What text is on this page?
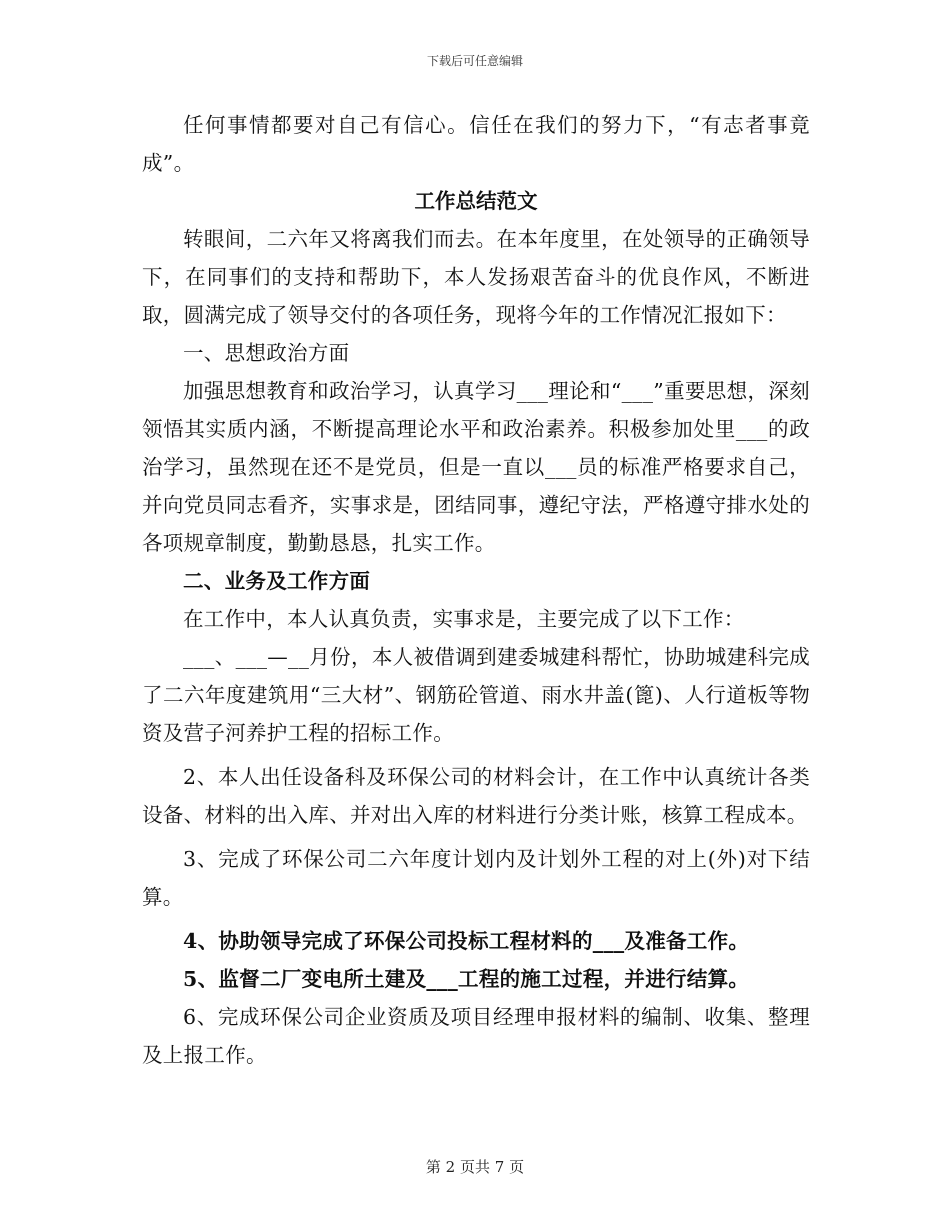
下载后可任意编辑

任何事情都要对自己有信心。信任在我们的努力下，“有志者事竟成”。

工作总结范文

转眼间，二六年又将离我们而去。在本年度里，在处领导的正确领导下，在同事们的支持和帮助下，本人发扬艰苦奋斗的优良作风，不断进取，圆满完成了领导交付的各项任务，现将今年的工作情况汇报如下：

一、思想政治方面

加强思想教育和政治学习，认真学习___理论和“___”重要思想，深刻领悟其实质内涵，不断提高理论水平和政治素养。积极参加处里___的政治学习，虽然现在还不是党员，但是一直以___员的标准严格要求自己，并向党员同志看齐，实事求是，团结同事，遵纪守法，严格遵守排水处的各项规章制度，勤勤恳恳，扎实工作。

二、业务及工作方面

在工作中，本人认真负责，实事求是，主要完成了以下工作：

___、___—__月份，本人被借调到建委城建科帮忙，协助城建科完成了二六年度建筑用“三大材”、钢筋砼管道、雨水井盖(篦)、人行道板等物资及营子河养护工程的招标工作。

2、本人出任设备科及环保公司的材料会计，在工作中认真统计各类设备、材料的出入库、并对出入库的材料进行分类计账，核算工程成本。

3、完成了环保公司二六年度计划内及计划外工程的对上(外)对下结算。

4、协助领导完成了环保公司投标工程材料的___及准备工作。

5、监督二厂变电所土建及___工程的施工过程，并进行结算。

6、完成环保公司企业资质及项目经理申报材料的编制、收集、整理及上报工作。

第 2 页共 7 页
